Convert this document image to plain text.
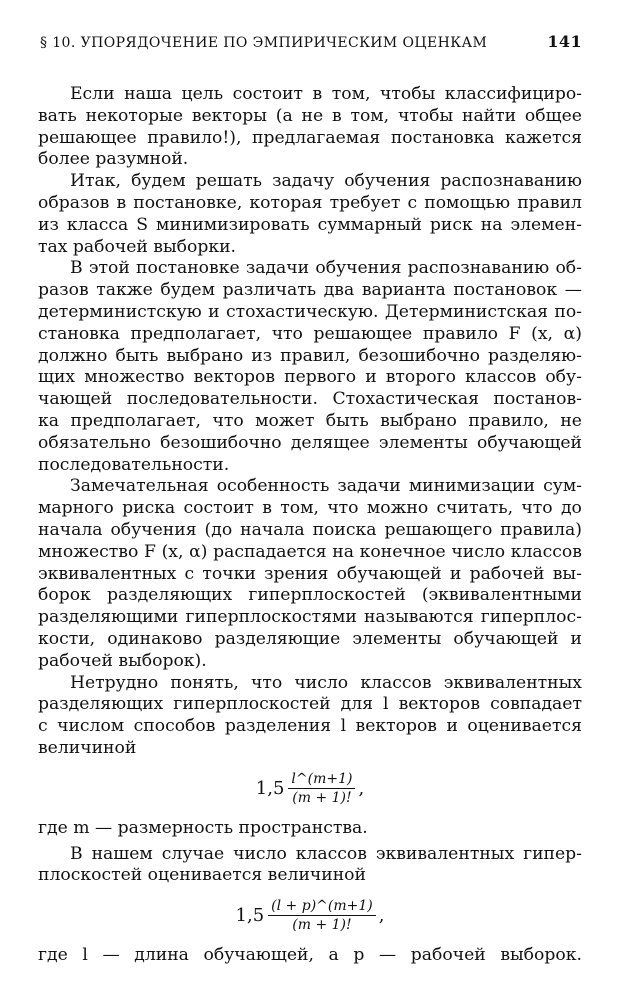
§ 10. УПОРЯДОЧЕНИЕ ПО ЭМПИРИЧЕСКИМ ОЦЕНКАМ	141
Если наша цель состоит в том, чтобы классифициро-
вать некоторые векторы (а не в том, чтобы найти общее
решающее правило!), предлагаемая постановка кажется
более разумной.
Итак, будем решать задачу обучения распознаванию
образов в постановке, которая требует с помощью правил
из класса S минимизировать суммарный риск на элемен-
тах рабочей выборки.
В этой постановке задачи обучения распознаванию об-
разов также будем различать два варианта постановок —
детерминистскую и стохастическую. Детерминистская по-
становка предполагает, что решающее правило F (x, α)
должно быть выбрано из правил, безошибочно разделяю-
щих множество векторов первого и второго классов обу-
чающей последовательности. Стохастическая постанов-
ка предполагает, что может быть выбрано правило, не
обязательно безошибочно делящее элементы обучающей
последовательности.
Замечательная особенность задачи минимизации сум-
марного риска состоит в том, что можно считать, что до
начала обучения (до начала поиска решающего правила)
множество F (x, α) распадается на конечное число классов
эквивалентных с точки зрения обучающей и рабочей вы-
борок разделяющих гиперплоскостей (эквивалентными
разделяющими гиперплоскостями называются гиперплос-
кости, одинаково разделяющие элементы обучающей и
рабочей выборок).
Нетрудно понять, что число классов эквивалентных
разделяющих гиперплоскостей для l векторов совпадает
с числом способов разделения l векторов и оценивается
величиной
$1,5 \frac{l\^{}(m+1)}{(m + 1)!}$ ,
где m — размерность пространства.
В нашем случае число классов эквивалентных гипер-
плоскостей оценивается величиной
$1,5 \frac{(l + p)\^{}(m+1)}{(m + 1)!}$ ,
где l — длина обучающей, а p — рабочей выборок.
